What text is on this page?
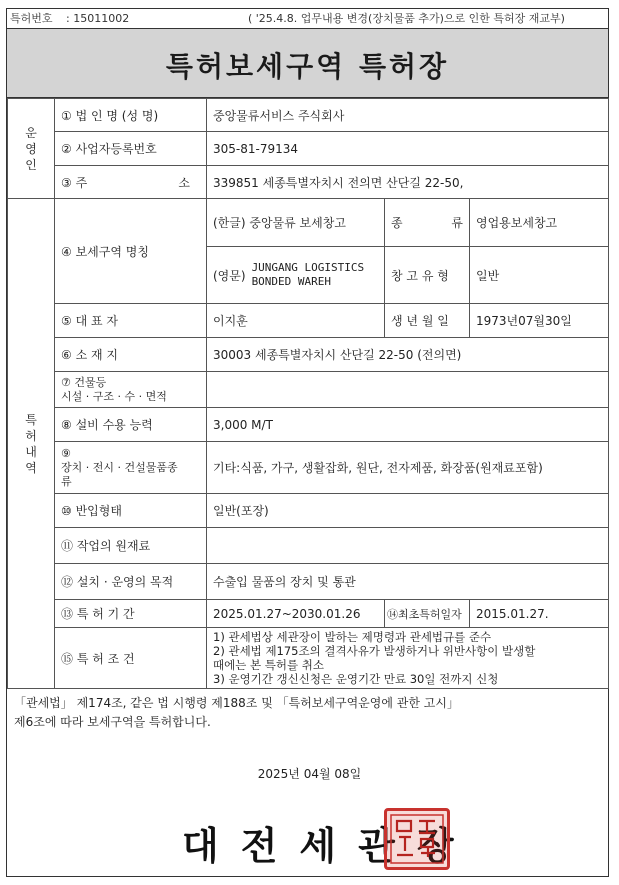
특허번호 : 15011002	( '25.4.8. 업무내용 변경(장치물품 추가)으로 인한 특허장 재교부)
특허보세구역 특허장
운
영
인	① 법 인 명 (성 명)	중앙물류서비스 주식회사		
	② 사업자등록번호	305-81-79134		

	③ 주 소	339851 세종특별자치시 전의면 산단길 22-50,		
특
허
내
역	④ 보세구역 명칭	(한글) 중앙물류 보세창고	종 류	영업용보세창고

		(영문)
JUNGANG LOGISTICS
BONDED WAREH	창 고 유 형	일반
	⑤ 대 표 자	이지훈	생 년 월 일	1973년07월30일
	⑥ 소 재 지	30003 세종특별자치시 산단길 22-50 (전의면)		
	⑦ 건물등
시설 · 구조 · 수 · 면적			
	⑧ 설비 수용 능력	3,000 M/T		
	⑨
장치 · 전시 · 건설물품종
류	기타:식품, 가구, 생활잡화, 원단, 전자제품, 화장품(원재료포함)		
	⑩ 반입형태	일반(포장)		
	⑪ 작업의 원재료			
	⑫ 설치 · 운영의 목적	수출입 물품의 장치 및 통관		
	⑬ 특 허 기 간	2025.01.27~2030.01.26	⑭최초특허일자	2015.01.27.
	⑮ 특 허 조 건	1) 관세법상 세관장이 발하는 제명령과 관세법규를 준수
2) 관세법 제175조의 결격사유가 발생하거나 위반사항이 발생할
때에는 본 특허를 취소
3) 운영기간 갱신신청은 운영기간 만료 30일 전까지 신청		
「관세법」 제174조, 같은 법 시행령 제188조 및 「특허보세구역운영에 관한 고시」
제6조에 따라 보세구역을 특허합니다.
2025년 04월 08일
대전세관장
